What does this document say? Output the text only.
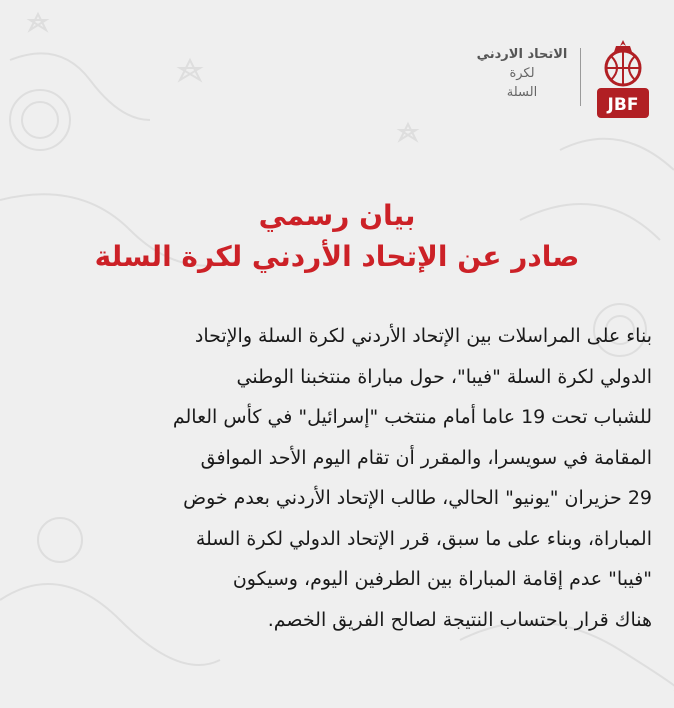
JBF
الاتحاد الاردني
لكرة
السلة
بيان رسمي
صادر عن الإتحاد الأردني لكرة السلة
بناء على المراسلات بين الإتحاد الأردني لكرة السلة والإتحاد
الدولي لكرة السلة "فيبا"، حول مباراة منتخبنا الوطني
للشباب تحت 19 عاما أمام منتخب "إسرائيل" في كأس العالم
المقامة في سويسرا، والمقرر أن تقام اليوم الأحد الموافق
29 حزيران "يونيو" الحالي، طالب الإتحاد الأردني بعدم خوض
المباراة، وبناء على ما سبق، قرر الإتحاد الدولي لكرة السلة
"فيبا" عدم إقامة المباراة بين الطرفين اليوم، وسيكون
هناك قرار باحتساب النتيجة لصالح الفريق الخصم.
